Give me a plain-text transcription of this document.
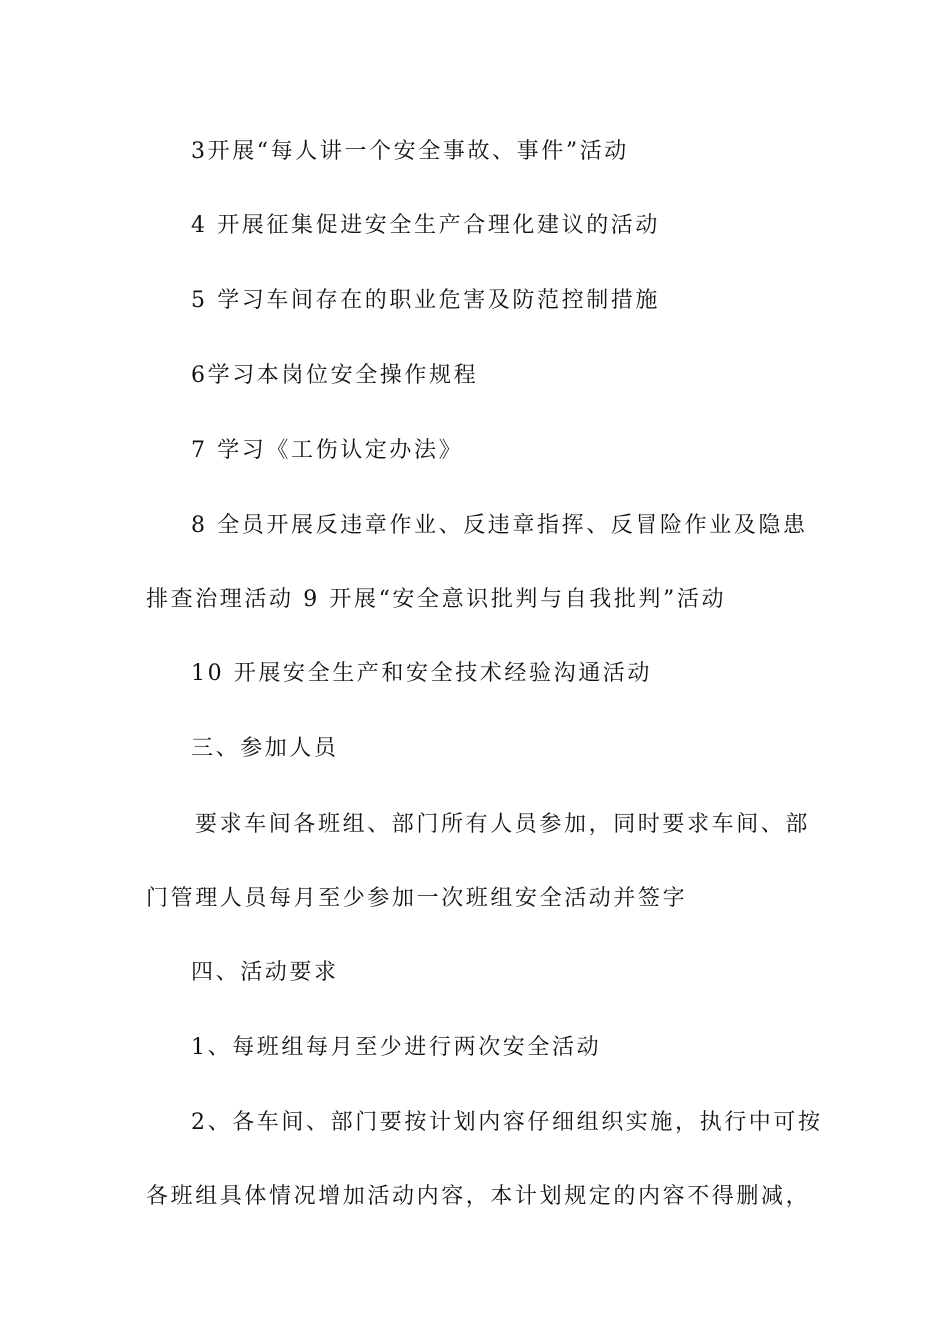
3开展“每人讲一个安全事故、事件”活动
4 开展征集促进安全生产合理化建议的活动
5 学习车间存在的职业危害及防范控制措施
6学习本岗位安全操作规程
7 学习《工伤认定办法》
8 全员开展反违章作业、反违章指挥、反冒险作业及隐患
排查治理活动 9 开展“安全意识批判与自我批判”活动
10 开展安全生产和安全技术经验沟通活动
三、参加人员
要求车间各班组、部门所有人员参加，同时要求车间、部
门管理人员每月至少参加一次班组安全活动并签字
四、活动要求
1、每班组每月至少进行两次安全活动
2、各车间、部门要按计划内容仔细组织实施，执行中可按
各班组具体情况增加活动内容，本计划规定的内容不得删减，
